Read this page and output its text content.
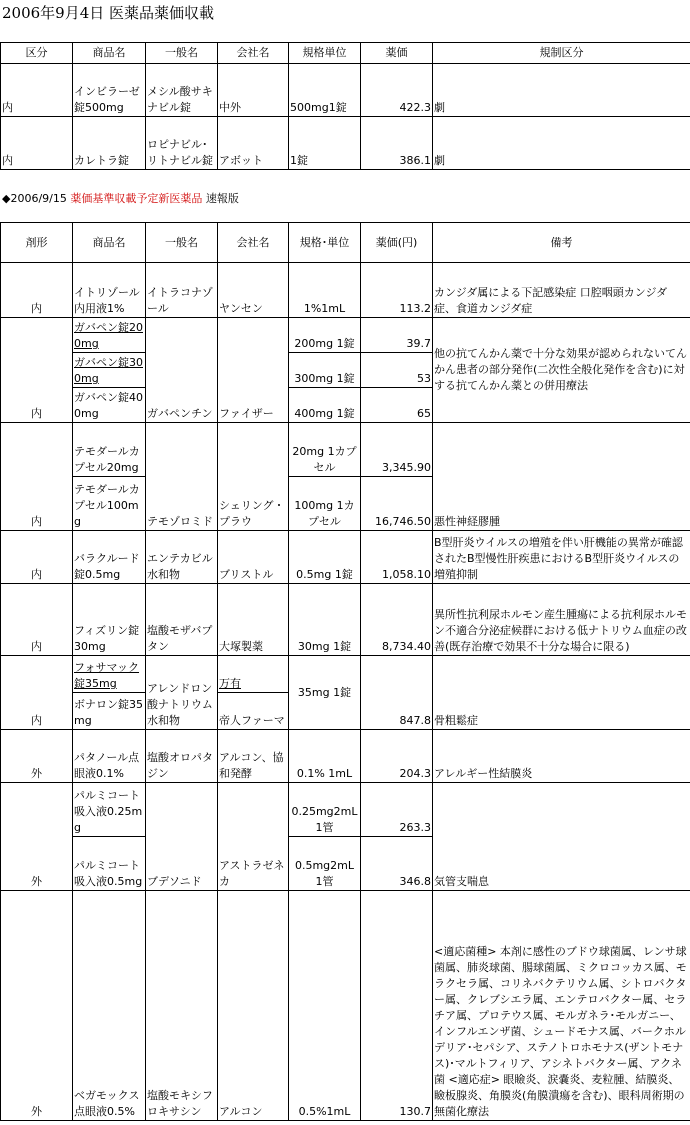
2006年9月4日 医薬品薬価収載
区分	商品名	一般名	会社名	規格単位	薬価	規制区分
内	インビラーゼ錠500mg	メシル酸サキナビル錠	中外	500mg1錠	422.3	劇
内	カレトラ錠	ロピナビル･リトナビル錠	アボット	1錠	386.1	劇
◆2006/9/15 薬価基準収載予定新医薬品 速報版
剤形	商品名	一般名	会社名	規格･単位	薬価(円)	備考
内	イトリゾール内用液1%	イトラコナゾール	ヤンセン	1%1mL	113.2	カンジダ属による下記感染症 口腔咽頭カンジダ症、食道カンジダ症
内	ガバペン錠200mg	ガバペンチン	ファイザー	200mg 1錠	39.7	他の抗てんかん薬で十分な効果が認められないてんかん患者の部分発作(二次性全般化発作を含む)に対する抗てんかん薬との併用療法
	ガバペン錠300mg			300mg 1錠	53	
	ガバペン錠400mg			400mg 1錠	65	
内	テモダールカプセル20mg	テモゾロミド	シェリング・プラウ	20mg 1カプセル	3,345.90	悪性神経膠腫
	テモダールカプセル100mg			100mg 1カプセル	16,746.50	
内	バラクルード錠0.5mg	エンテカビル水和物	ブリストル	0.5mg 1錠	1,058.10	B型肝炎ウイルスの増殖を伴い肝機能の異常が確認されたB型慢性肝疾患におけるB型肝炎ウイルスの増殖抑制
内	フィズリン錠30mg	塩酸モザバプタン	大塚製薬	30mg 1錠	8,734.40	異所性抗利尿ホルモン産生腫瘍による抗利尿ホルモン不適合分泌症候群における低ナトリウム血症の改善(既存治療で効果不十分な場合に限る)
内	フォサマック錠35mg	アレンドロン酸ナトリウム 水和物	万有	35mg 1錠	847.8	骨粗鬆症
	ボナロン錠35mg		帝人ファーマ			
外	パタノール点眼液0.1%	塩酸オロパタジン	アルコン、協和発酵	0.1% 1mL	204.3	アレルギー性結膜炎
外	パルミコート吸入液0.25mg	ブデソニド	アストラゼネカ	0.25mg2mL1管	263.3	気管支喘息
	パルミコート吸入液0.5mg			0.5mg2mL 1管	346.8	
外	ベガモックス点眼液0.5%	塩酸モキシフロキサシン	アルコン	0.5%1mL	130.7	<適応菌種> 本剤に感性のブドウ球菌属、レンサ球菌属、肺炎球菌、腸球菌属、ミクロコッカス属、モラクセラ属、コリネバクテリウム属、シトロバクター属、クレブシエラ属、エンテロバクター属、セラチア属、プロテウス属、モルガネラ･モルガニー、インフルエンザ菌、シュードモナス属、バークホルデリア･セパシア、ステノトロホモナス(ザントモナス)･マルトフィリア、アシネトバクター属、アクネ菌 <適応症> 眼瞼炎、涙嚢炎、麦粒腫、結膜炎、瞼板腺炎、角膜炎(角膜潰瘍を含む)、眼科周術期の無菌化療法
